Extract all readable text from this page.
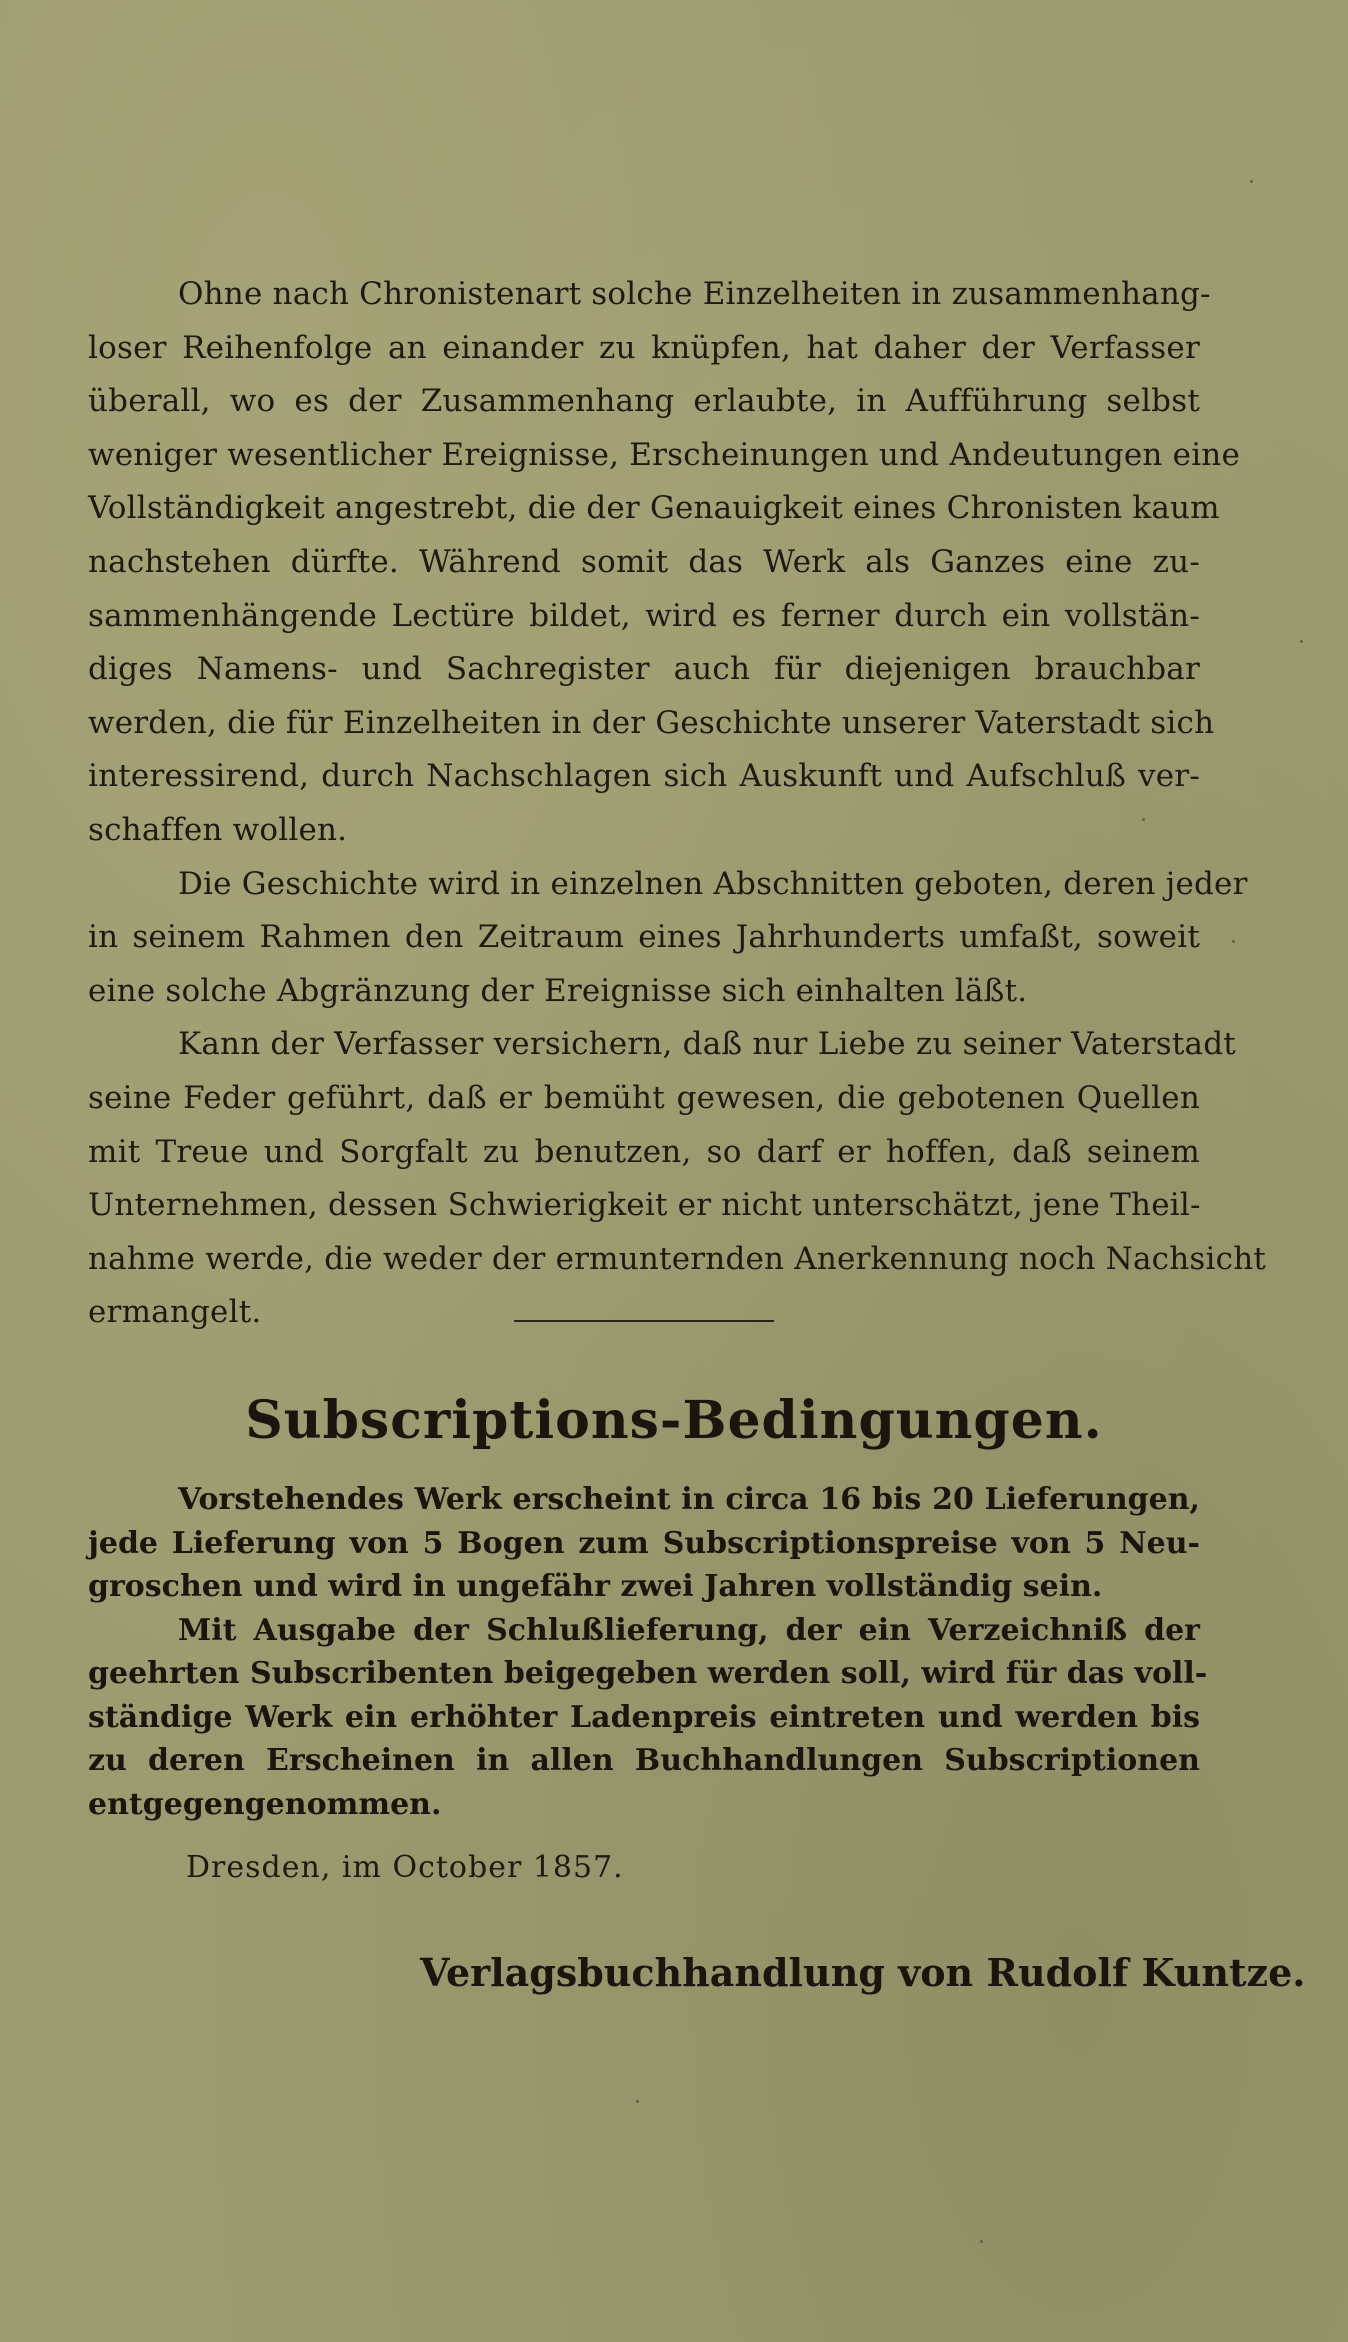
Ohne nach Chronistenart solche Einzelheiten in zusammenhang-
loser Reihenfolge an einander zu knüpfen, hat daher der Verfasser
überall, wo es der Zusammenhang erlaubte, in Aufführung selbst
weniger wesentlicher Ereignisse, Erscheinungen und Andeutungen eine
Vollständigkeit angestrebt, die der Genauigkeit eines Chronisten kaum
nachstehen dürfte. Während somit das Werk als Ganzes eine zu-
sammenhängende Lectüre bildet, wird es ferner durch ein vollstän-
diges Namens- und Sachregister auch für diejenigen brauchbar
werden, die für Einzelheiten in der Geschichte unserer Vaterstadt sich
interessirend, durch Nachschlagen sich Auskunft und Aufschluß ver-
schaffen wollen.
Die Geschichte wird in einzelnen Abschnitten geboten, deren jeder
in seinem Rahmen den Zeitraum eines Jahrhunderts umfaßt, soweit
eine solche Abgränzung der Ereignisse sich einhalten läßt.
Kann der Verfasser versichern, daß nur Liebe zu seiner Vaterstadt
seine Feder geführt, daß er bemüht gewesen, die gebotenen Quellen
mit Treue und Sorgfalt zu benutzen, so darf er hoffen, daß seinem
Unternehmen, dessen Schwierigkeit er nicht unterschätzt, jene Theil-
nahme werde, die weder der ermunternden Anerkennung noch Nachsicht
ermangelt.
Subscriptions-Bedingungen.
Vorstehendes Werk erscheint in circa 16 bis 20 Lieferungen,
jede Lieferung von 5 Bogen zum Subscriptionspreise von 5 Neu-
groschen und wird in ungefähr zwei Jahren vollständig sein.
Mit Ausgabe der Schlußlieferung, der ein Verzeichniß der
geehrten Subscribenten beigegeben werden soll, wird für das voll-
ständige Werk ein erhöhter Ladenpreis eintreten und werden bis
zu deren Erscheinen in allen Buchhandlungen Subscriptionen
entgegengenommen.
Dresden, im October 1857.
Verlagsbuchhandlung von Rudolf Kuntze.
